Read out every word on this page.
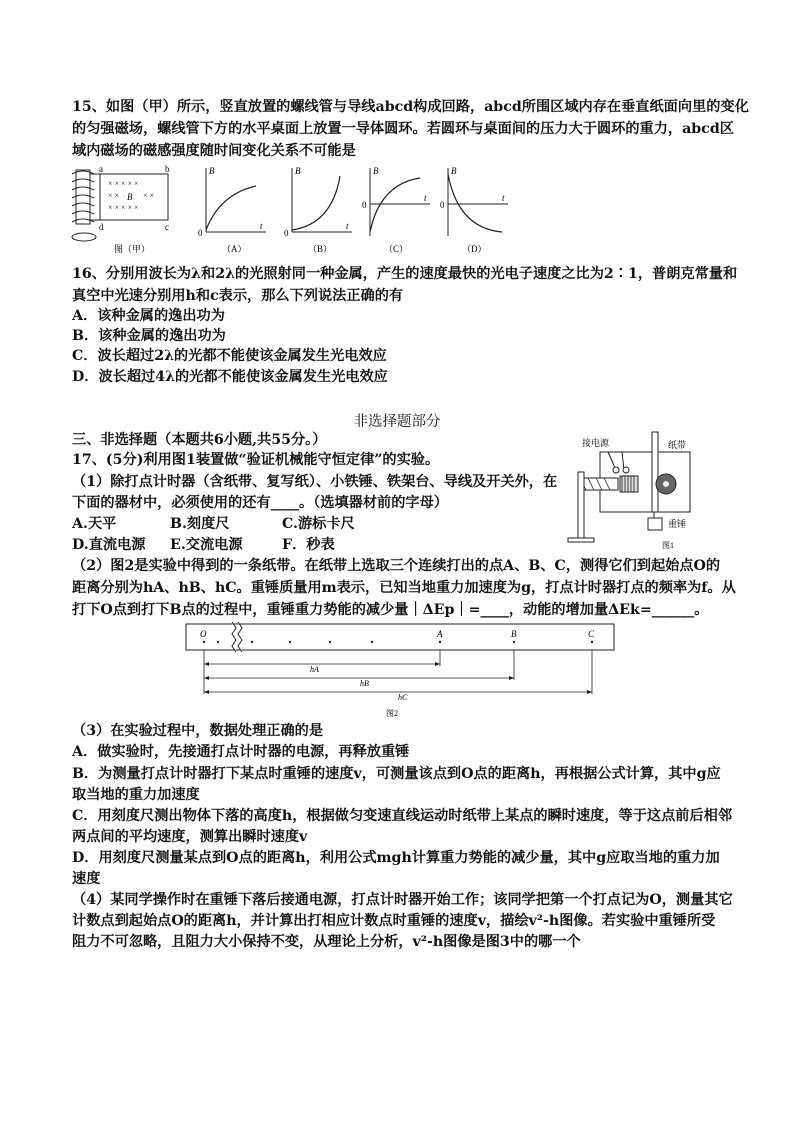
15、如图（甲）所示，竖直放置的螺线管与导线abcd构成回路，abcd所围区域内存在垂直纸面向里的变化
的匀强磁场，螺线管下方的水平桌面上放置一导体圆环。若圆环与桌面间的压力大于圆环的重力，abcd区
域内磁场的磁感强度随时间变化关系不可能是
a	b
d	c
× × × × ×
× ×	× ×
× × × × ×
B
图（甲）
B
t
0
（A）
B
t
0
（B）
B
t
0
（C）
B
t
0
（D）
16、分别用波长为λ和2λ的光照射同一种金属，产生的速度最快的光电子速度之比为2∶1，普朗克常量和
真空中光速分别用h和c表示，那么下列说法正确的有
A．该种金属的逸出功为
B．该种金属的逸出功为
C．波长超过2λ的光都不能使该金属发生光电效应
D．波长超过4λ的光都不能使该金属发生光电效应
非选择题部分
三、非选择题（本题共6小题,共55分。）
17、(5分)利用图1装置做“验证机械能守恒定律”的实验。
（1）除打点计时器（含纸带、复写纸）、小铁锤、铁架台、导线及开关外，在
下面的器材中，必须使用的还有____。（选填器材前的字母）
A.天平	B.刻度尺	C.游标卡尺
D.直流电源 E.交流电源	F．秒表
接电源	纸带
重锤
图1
（2）图2是实验中得到的一条纸带。在纸带上选取三个连续打出的点A、B、C，测得它们到起始点O的
距离分别为hA、hB、hC。重锤质量用m表示，已知当地重力加速度为g，打点计时器打点的频率为f。从
打下O点到打下B点的过程中，重锤重力势能的减少量｜ΔEp｜=____，动能的增加量ΔEk=______。
O	A	B	C
hA
hB
hC
图2
（3）在实验过程中，数据处理正确的是
A．做实验时，先接通打点计时器的电源，再释放重锤
B．为测量打点计时器打下某点时重锤的速度v，可测量该点到O点的距离h，再根据公式计算，其中g应
取当地的重力加速度
C．用刻度尺测出物体下落的高度h，根据做匀变速直线运动时纸带上某点的瞬时速度，等于这点前后相邻
两点间的平均速度，测算出瞬时速度v
D．用刻度尺测量某点到O点的距离h，利用公式mgh计算重力势能的减少量，其中g应取当地的重力加
速度
（4）某同学操作时在重锤下落后接通电源，打点计时器开始工作；该同学把第一个打点记为O，测量其它
计数点到起始点O的距离h，并计算出打相应计数点时重锤的速度v，描绘v²-h图像。若实验中重锤所受
阻力不可忽略，且阻力大小保持不变，从理论上分析，v²-h图像是图3中的哪一个
